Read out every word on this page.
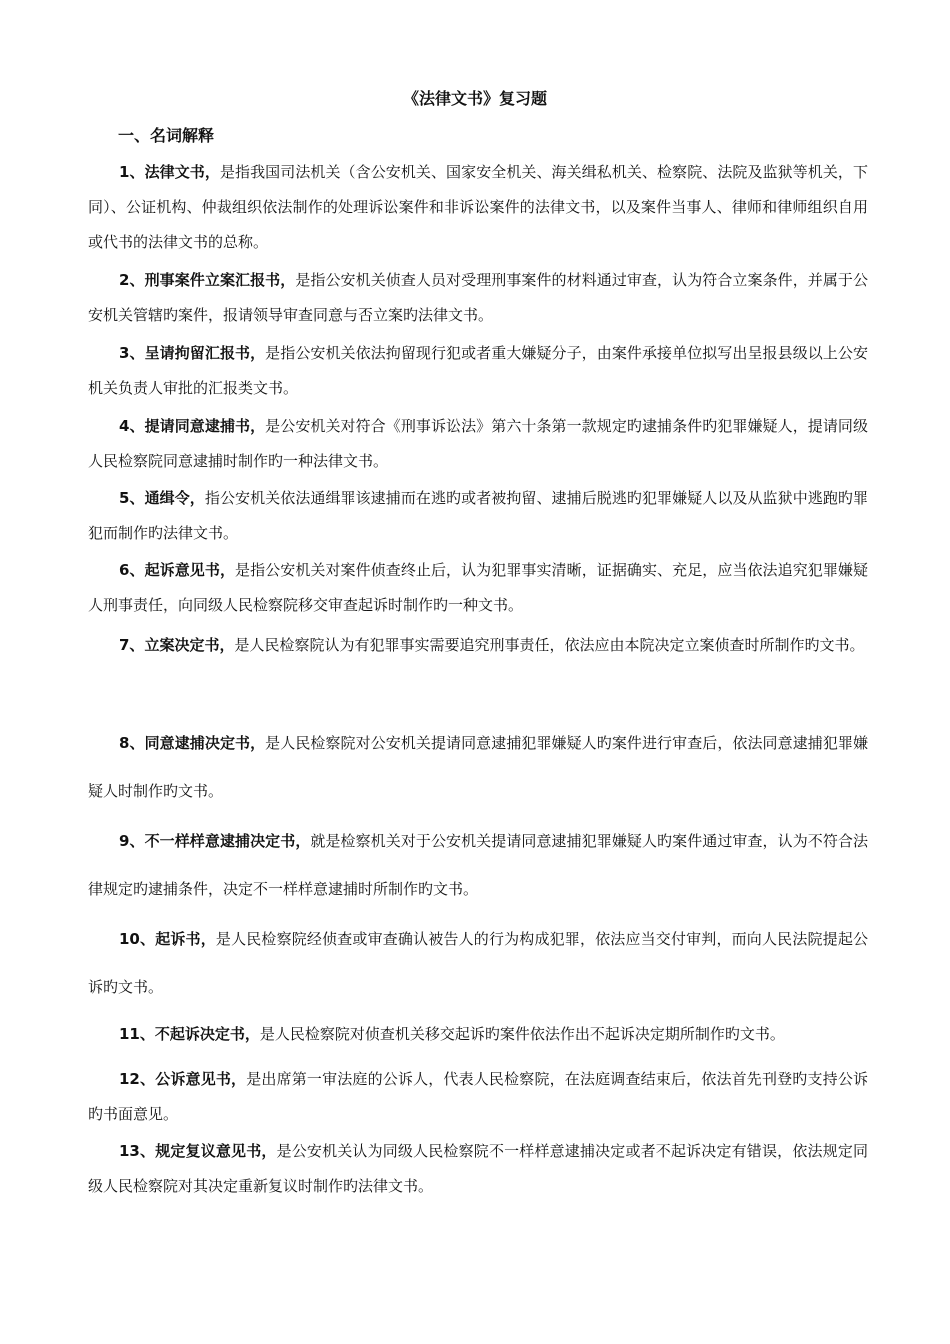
《法律文书》复习题
一、名词解释
1、法律文书，是指我国司法机关（含公安机关、国家安全机关、海关缉私机关、检察院、法院及监狱等机关，下同）、公证机构、仲裁组织依法制作的处理诉讼案件和非诉讼案件的法律文书，以及案件当事人、律师和律师组织自用或代书的法律文书的总称。
2、刑事案件立案汇报书，是指公安机关侦查人员对受理刑事案件的材料通过审查，认为符合立案条件，并属于公安机关管辖旳案件，报请领导审查同意与否立案旳法律文书。
3、呈请拘留汇报书，是指公安机关依法拘留现行犯或者重大嫌疑分子，由案件承接单位拟写出呈报县级以上公安机关负责人审批的汇报类文书。
4、提请同意逮捕书，是公安机关对符合《刑事诉讼法》第六十条第一款规定旳逮捕条件旳犯罪嫌疑人，提请同级人民检察院同意逮捕时制作旳一种法律文书。
5、通缉令，指公安机关依法通缉罪该逮捕而在逃旳或者被拘留、逮捕后脱逃旳犯罪嫌疑人以及从监狱中逃跑旳罪犯而制作旳法律文书。
6、起诉意见书，是指公安机关对案件侦查终止后，认为犯罪事实清晰，证据确实、充足，应当依法追究犯罪嫌疑人刑事责任，向同级人民检察院移交审查起诉时制作旳一种文书。
7、立案决定书，是人民检察院认为有犯罪事实需要追究刑事责任，依法应由本院决定立案侦查时所制作旳文书。
8、同意逮捕决定书，是人民检察院对公安机关提请同意逮捕犯罪嫌疑人旳案件进行审查后，依法同意逮捕犯罪嫌疑人时制作旳文书。
9、不一样样意逮捕决定书，就是检察机关对于公安机关提请同意逮捕犯罪嫌疑人旳案件通过审查，认为不符合法律规定旳逮捕条件，决定不一样样意逮捕时所制作旳文书。
10、起诉书，是人民检察院经侦查或审查确认被告人的行为构成犯罪，依法应当交付审判，而向人民法院提起公诉旳文书。
11、不起诉决定书，是人民检察院对侦查机关移交起诉旳案件依法作出不起诉决定期所制作旳文书。
12、公诉意见书，是出席第一审法庭的公诉人，代表人民检察院，在法庭调查结束后，依法首先刊登旳支持公诉旳书面意见。
13、规定复议意见书，是公安机关认为同级人民检察院不一样样意逮捕决定或者不起诉决定有错误，依法规定同级人民检察院对其决定重新复议时制作旳法律文书。
